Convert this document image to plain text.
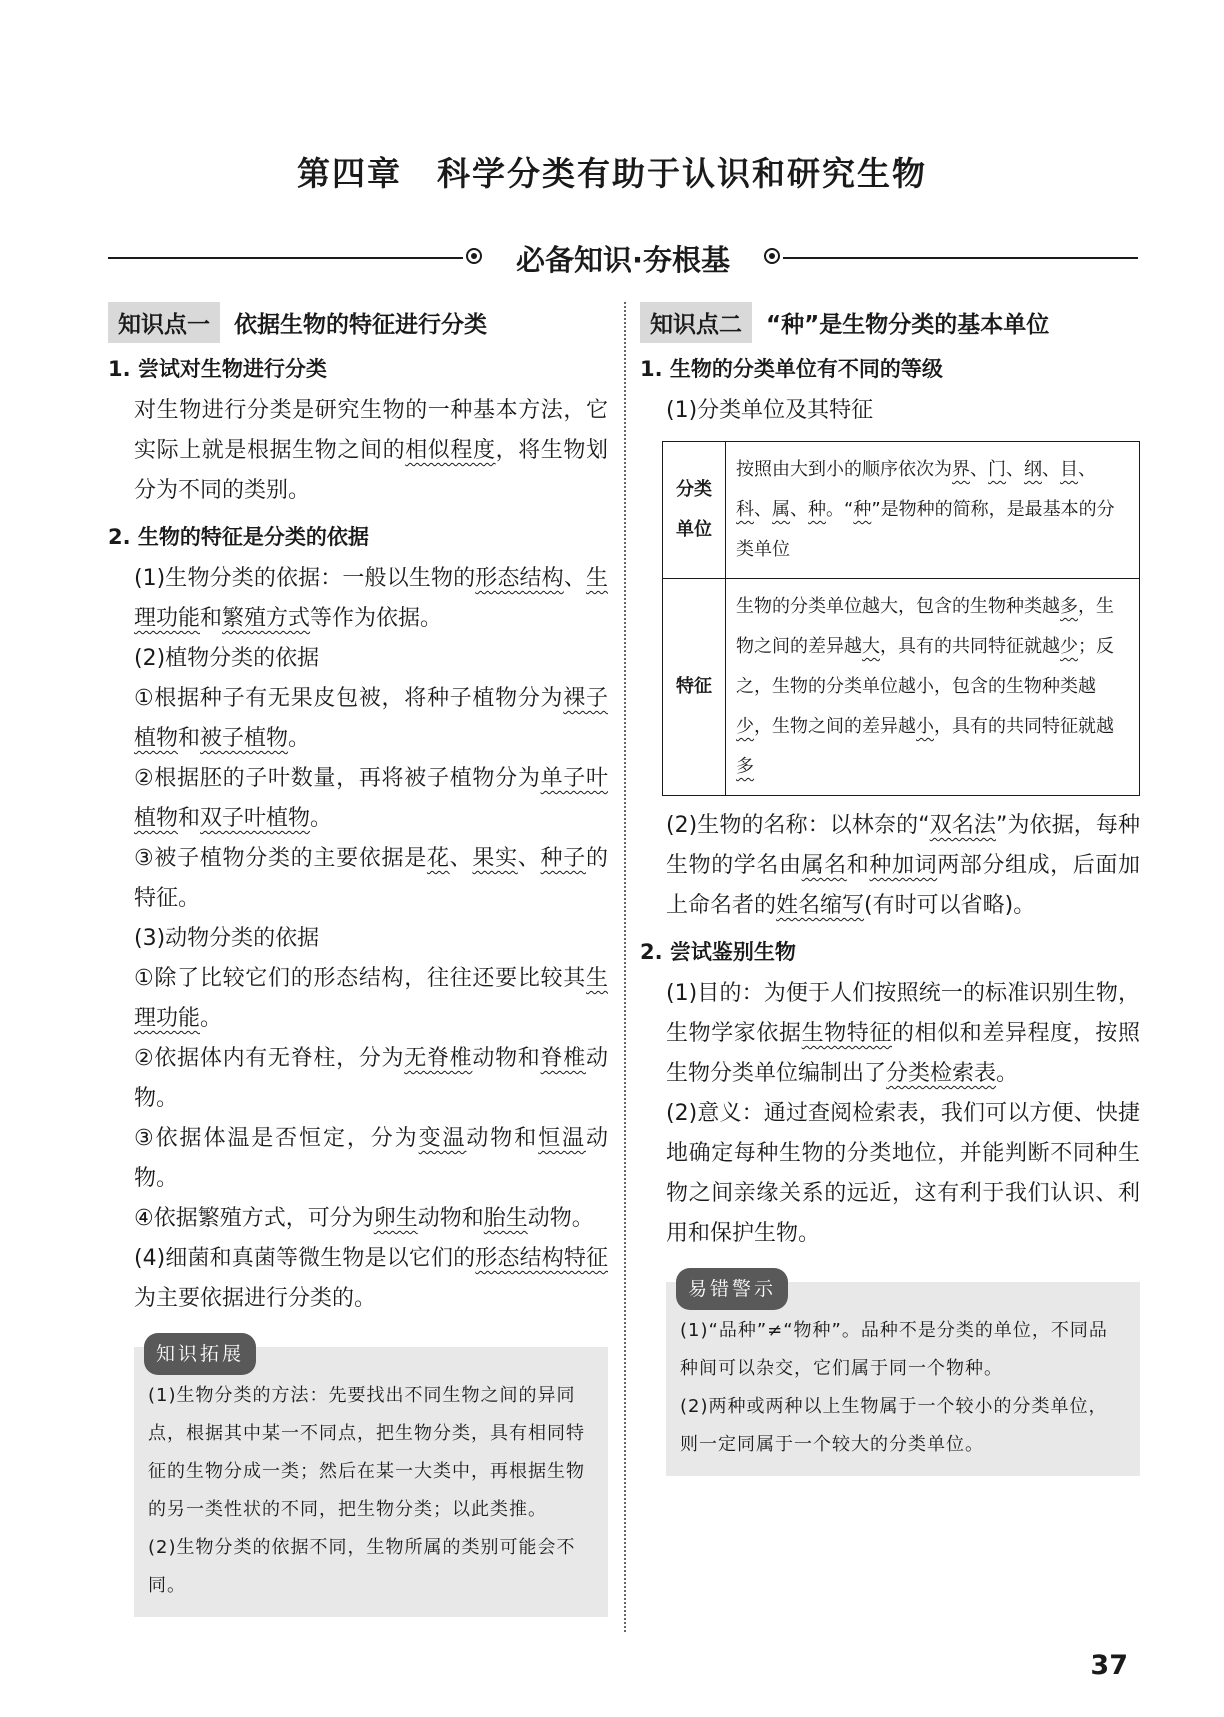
第四章　科学分类有助于认识和研究生物
必备知识·夯根基
知识点一	依据生物的特征进行分类
1. 尝试对生物进行分类
对生物进行分类是研究生物的一种基本方法，它实际上就是根据生物之间的相似程度，将生物划分为不同的类别。
2. 生物的特征是分类的依据
(1)生物分类的依据：一般以生物的形态结构、生理功能和繁殖方式等作为依据。
(2)植物分类的依据
①根据种子有无果皮包被，将种子植物分为裸子植物和被子植物。
②根据胚的子叶数量，再将被子植物分为单子叶植物和双子叶植物。
③被子植物分类的主要依据是花、果实、种子的特征。
(3)动物分类的依据
①除了比较它们的形态结构，往往还要比较其生理功能。
②依据体内有无脊柱，分为无脊椎动物和脊椎动物。
③依据体温是否恒定，分为变温动物和恒温动物。
④依据繁殖方式，可分为卵生动物和胎生动物。
(4)细菌和真菌等微生物是以它们的形态结构特征为主要依据进行分类的。
知识拓展
(1)生物分类的方法：先要找出不同生物之间的异同点，根据其中某一不同点，把生物分类，具有相同特征的生物分成一类；然后在某一大类中，再根据生物的另一类性状的不同，把生物分类；以此类推。
(2)生物分类的依据不同，生物所属的类别可能会不同。
知识点二	“种”是生物分类的基本单位
1. 生物的分类单位有不同的等级
(1)分类单位及其特征
分类单位	按照由大到小的顺序依次为界、门、纲、目、科、属、种。“种”是物种的简称，是最基本的分类单位
特征	生物的分类单位越大，包含的生物种类越多，生物之间的差异越大，具有的共同特征就越少；反之，生物的分类单位越小，包含的生物种类越少，生物之间的差异越小，具有的共同特征就越多
(2)生物的名称：以林奈的“双名法”为依据，每种生物的学名由属名和种加词两部分组成，后面加上命名者的姓名缩写(有时可以省略)。
2. 尝试鉴别生物
(1)目的：为便于人们按照统一的标准识别生物，生物学家依据生物特征的相似和差异程度，按照生物分类单位编制出了分类检索表。
(2)意义：通过查阅检索表，我们可以方便、快捷地确定每种生物的分类地位，并能判断不同种生物之间亲缘关系的远近，这有利于我们认识、利用和保护生物。
易错警示
(1)“品种”≠“物种”。品种不是分类的单位，不同品种间可以杂交，它们属于同一个物种。
(2)两种或两种以上生物属于一个较小的分类单位，则一定同属于一个较大的分类单位。
37
